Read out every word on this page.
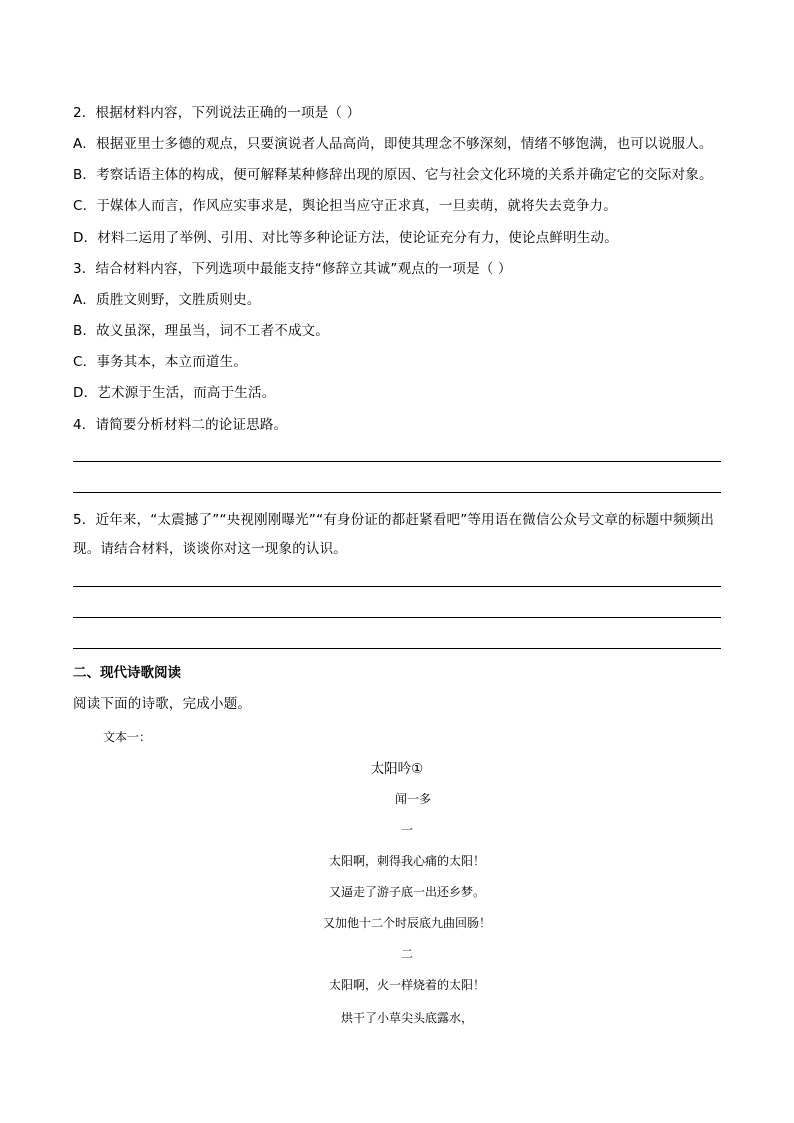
2．根据材料内容，下列说法正确的一项是（ ）
A．根据亚里士多德的观点，只要演说者人品高尚，即使其理念不够深刻，情绪不够饱满，也可以说服人。
B．考察话语主体的构成，便可解释某种修辞出现的原因、它与社会文化环境的关系并确定它的交际对象。
C．于媒体人而言，作风应实事求是，舆论担当应守正求真，一旦卖萌，就将失去竞争力。
D．材料二运用了举例、引用、对比等多种论证方法，使论证充分有力，使论点鲜明生动。
3．结合材料内容，下列选项中最能支持“修辞立其诚”观点的一项是（ ）
A．质胜文则野，文胜质则史。
B．故义虽深，理虽当，词不工者不成文。
C．事务其本，本立而道生。
D．艺术源于生活，而高于生活。
4．请简要分析材料二的论证思路。
5．近年来，“太震撼了”“央视刚刚曝光”“有身份证的都赶紧看吧”等用语在微信公众号文章的标题中频频出
现。请结合材料，谈谈你对这一现象的认识。
二、现代诗歌阅读
阅读下面的诗歌，完成小题。
文本一：
太阳吟①
闻一多
一
太阳啊，刺得我心痛的太阳！
又逼走了游子底一出还乡梦。
又加他十二个时辰底九曲回肠！
二
太阳啊，火一样烧着的太阳！
烘干了小草尖头底露水，
